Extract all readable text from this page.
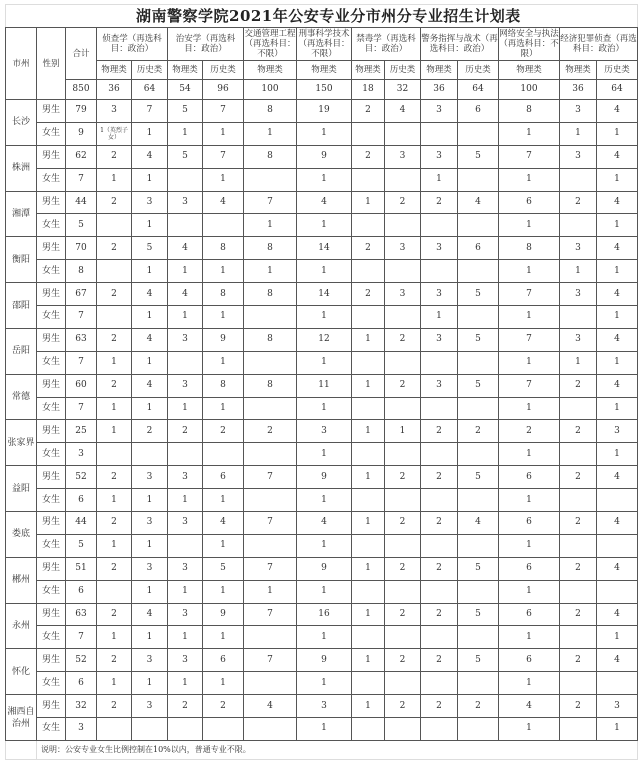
湖南警察学院2021年公安专业分市州分专业招生计划表															
市州	性别	合计	侦查学（再选科目：政治）		治安学（再选科目：政治）		交通管理工程（再选科目：不限）	刑事科学技术（再选科目：不限）	禁毒学（再选科目：政治）		警务指挥与战术（再选科目：政治）		网络安全与执法（再选科目：不限）	经济犯罪侦查（再选科目：政治）	
			物理类	历史类	物理类	历史类	物理类	物理类	物理类	历史类	物理类	历史类	物理类	物理类	历史类
		850	36	64	54	96	100	150	18	32	36	64	100	36	64
长沙	男生	79	3	7	5	7	8	19	2	4	3	6	8	3	4
	女生	9	1（英烈子女）	1	1	1	1	1					1	1	1
株洲	男生	62	2	4	5	7	8	9	2	3	3	5	7	3	4
	女生	7	1	1		1		1			1		1		1
湘潭	男生	44	2	3	3	4	7	4	1	2	2	4	6	2	4
	女生	5		1			1	1					1		1
衡阳	男生	70	2	5	4	8	8	14	2	3	3	6	8	3	4
	女生	8		1	1	1	1	1					1	1	1
邵阳	男生	67	2	4	4	8	8	14	2	3	3	5	7	3	4
	女生	7		1	1	1		1			1		1		1
岳阳	男生	63	2	4	3	9	8	12	1	2	3	5	7	3	4
	女生	7	1	1		1		1					1	1	1
常德	男生	60	2	4	3	8	8	11	1	2	3	5	7	2	4
	女生	7	1	1	1	1		1					1		1
张家界	男生	25	1	2	2	2	2	3	1	1	2	2	2	2	3
	女生	3						1					1		1
益阳	男生	52	2	3	3	6	7	9	1	2	2	5	6	2	4
	女生	6	1	1	1	1		1					1		
娄底	男生	44	2	3	3	4	7	4	1	2	2	4	6	2	4
	女生	5	1	1		1		1					1		
郴州	男生	51	2	3	3	5	7	9	1	2	2	5	6	2	4
	女生	6		1	1	1	1	1					1		
永州	男生	63	2	4	3	9	7	16	1	2	2	5	6	2	4
	女生	7	1	1	1	1		1					1		1
怀化	男生	52	2	3	3	6	7	9	1	2	2	5	6	2	4
	女生	6	1	1	1	1		1					1		
湘西自治州	男生	32	2	3	2	2	4	3	1	2	2	2	4	2	3
	女生	3						1					1		1
	说明：公安专业女生比例控制在10%以内，普通专业不限。														
